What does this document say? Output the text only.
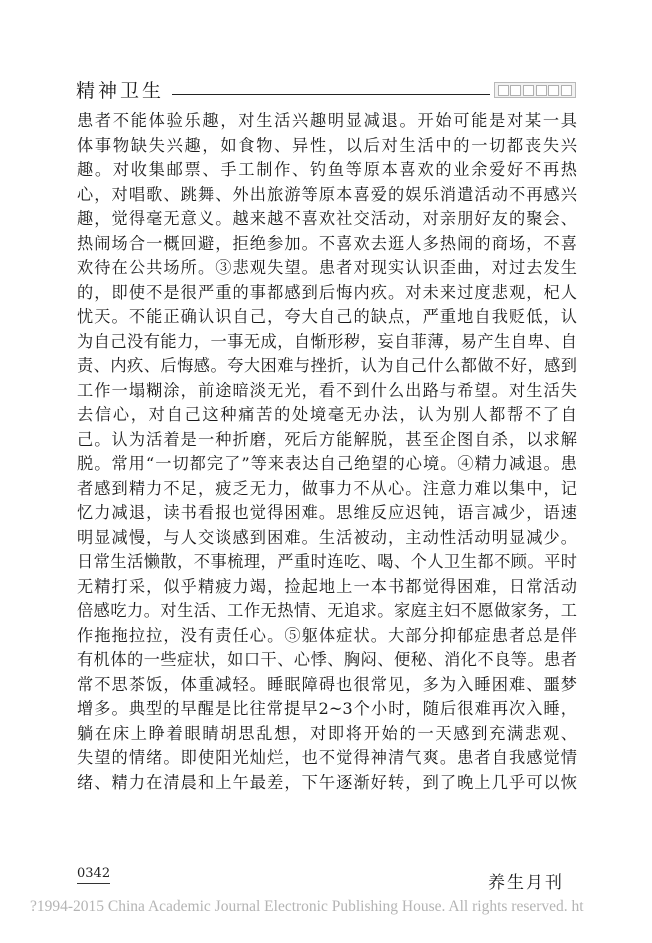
精神卫生
患者不能体验乐趣，对生活兴趣明显减退。开始可能是对某一具
体事物缺失兴趣，如食物、异性，以后对生活中的一切都丧失兴
趣。对收集邮票、手工制作、钓鱼等原本喜欢的业余爱好不再热
心，对唱歌、跳舞、外出旅游等原本喜爱的娱乐消遣活动不再感兴
趣，觉得毫无意义。越来越不喜欢社交活动，对亲朋好友的聚会、
热闹场合一概回避，拒绝参加。不喜欢去逛人多热闹的商场，不喜
欢待在公共场所。③悲观失望。患者对现实认识歪曲，对过去发生
的，即使不是很严重的事都感到后悔内疚。对未来过度悲观，杞人
忧天。不能正确认识自己，夸大自己的缺点，严重地自我贬低，认
为自己没有能力，一事无成，自惭形秽，妄自菲薄，易产生自卑、自
责、内疚、后悔感。夸大困难与挫折，认为自己什么都做不好，感到
工作一塌糊涂，前途暗淡无光，看不到什么出路与希望。对生活失
去信心，对自己这种痛苦的处境毫无办法，认为别人都帮不了自
己。认为活着是一种折磨，死后方能解脱，甚至企图自杀，以求解
脱。常用“一切都完了”等来表达自己绝望的心境。④精力减退。患
者感到精力不足，疲乏无力，做事力不从心。注意力难以集中，记
忆力减退，读书看报也觉得困难。思维反应迟钝，语言减少，语速
明显减慢，与人交谈感到困难。生活被动，主动性活动明显减少。
日常生活懒散，不事梳理，严重时连吃、喝、个人卫生都不顾。平时
无精打采，似乎精疲力竭，捡起地上一本书都觉得困难，日常活动
倍感吃力。对生活、工作无热情、无追求。家庭主妇不愿做家务，工
作拖拖拉拉，没有责任心。⑤躯体症状。大部分抑郁症患者总是伴
有机体的一些症状，如口干、心悸、胸闷、便秘、消化不良等。患者
常不思茶饭，体重减轻。睡眠障碍也很常见，多为入睡困难、噩梦
增多。典型的早醒是比往常提早2~3个小时，随后很难再次入睡，
躺在床上睁着眼睛胡思乱想，对即将开始的一天感到充满悲观、
失望的情绪。即使阳光灿烂，也不觉得神清气爽。患者自我感觉情
绪、精力在清晨和上午最差，下午逐渐好转，到了晚上几乎可以恢
0342	养生月刊
?1994-2015 China Academic Journal Electronic Publishing House. All rights reserved. ht
